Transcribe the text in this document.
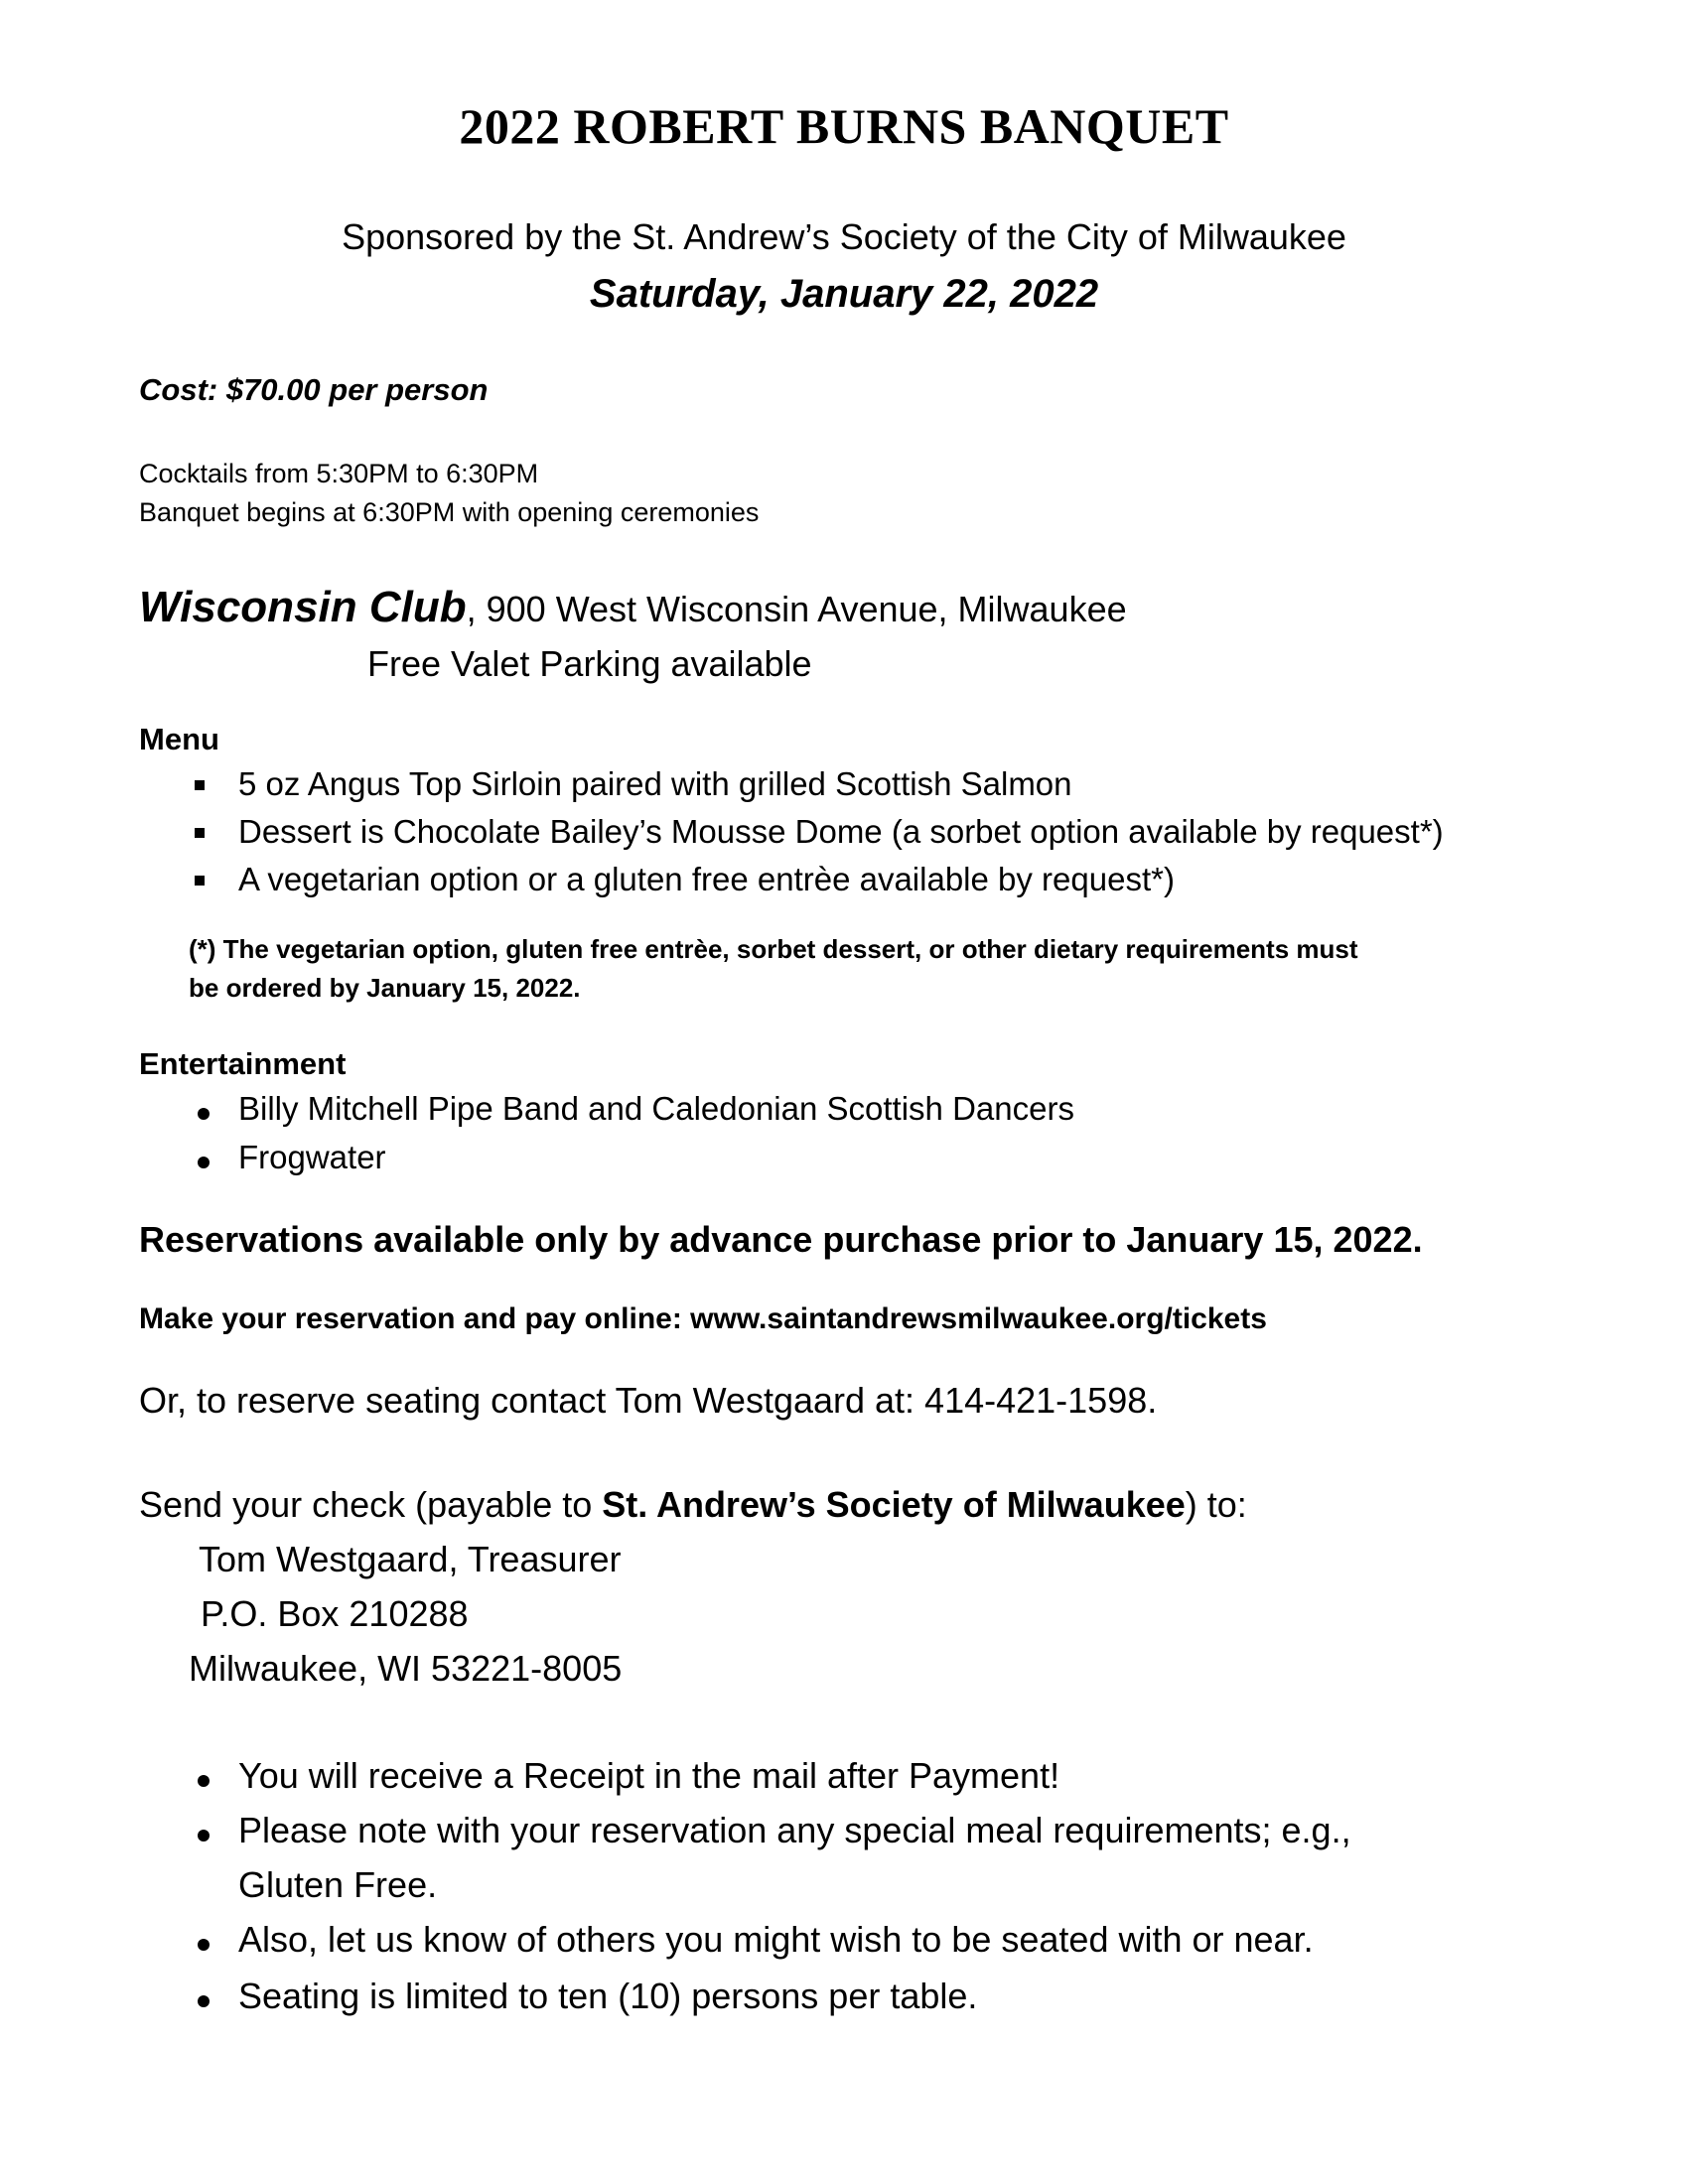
2022 ROBERT BURNS BANQUET
Sponsored by the St. Andrew’s Society of the City of Milwaukee
Saturday, January 22, 2022
Cost: $70.00 per person
Cocktails from 5:30PM to 6:30PM
Banquet begins at 6:30PM with opening ceremonies
Wisconsin Club, 900 West Wisconsin Avenue, Milwaukee
Free Valet Parking available
Menu
5 oz Angus Top Sirloin paired with grilled Scottish Salmon
Dessert is Chocolate Bailey’s Mousse Dome (a sorbet option available by request*)
A vegetarian option or a gluten free entrèe available by request*)
(*) The vegetarian option, gluten free entrèe, sorbet dessert, or other dietary requirements must
be ordered by January 15, 2022.
Entertainment
Billy Mitchell Pipe Band and Caledonian Scottish Dancers
Frogwater
Reservations available only by advance purchase prior to January 15, 2022.
Make your reservation and pay online: www.saintandrewsmilwaukee.org/tickets
Or, to reserve seating contact Tom Westgaard at: 414-421-1598.
Send your check (payable to St. Andrew’s Society of Milwaukee) to:
Tom Westgaard, Treasurer
P.O. Box 210288
Milwaukee, WI 53221-8005
You will receive a Receipt in the mail after Payment!
Please note with your reservation any special meal requirements; e.g.,
Gluten Free.
Also, let us know of others you might wish to be seated with or near.
Seating is limited to ten (10) persons per table.
